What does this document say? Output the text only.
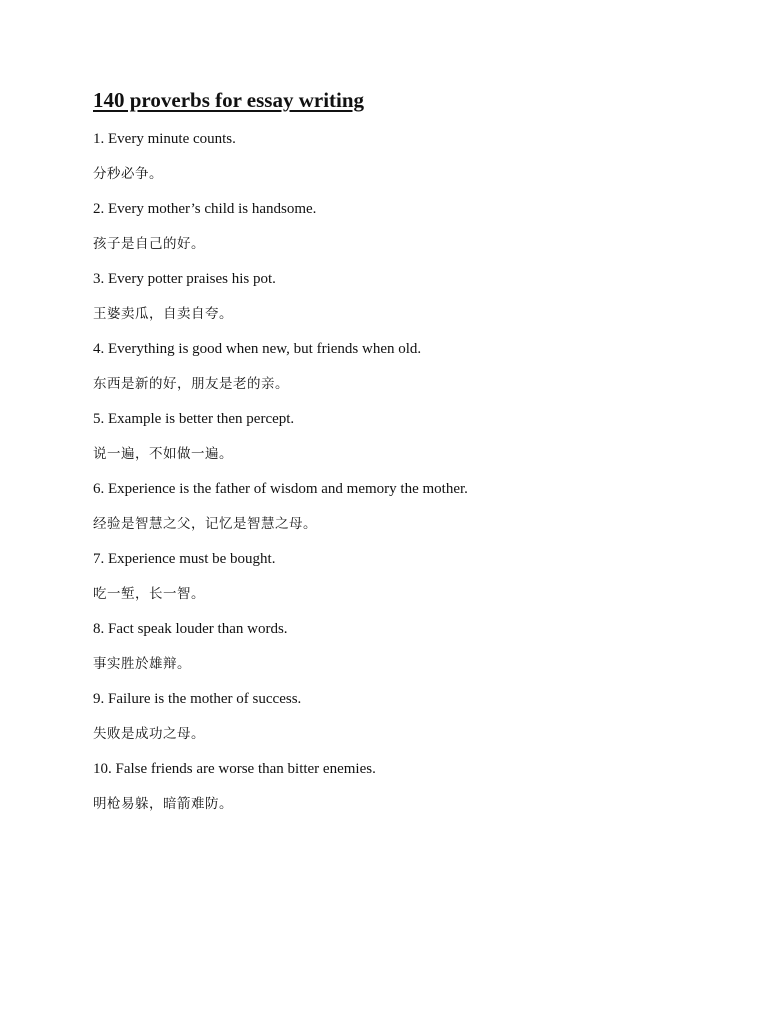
140 proverbs for essay writing

1. Every minute counts.

分秒必争。

2. Every mother’s child is handsome.

孩子是自己的好。

3. Every potter praises his pot.

王婆卖瓜，自卖自夸。

4. Everything is good when new, but friends when old.

东西是新的好，朋友是老的亲。

5. Example is better then percept.

说一遍，不如做一遍。

6. Experience is the father of wisdom and memory the mother.

经验是智慧之父，记忆是智慧之母。

7. Experience must be bought.

吃一堑，长一智。

8. Fact speak louder than words.

事实胜於雄辩。

9. Failure is the mother of success.

失败是成功之母。

10. False friends are worse than bitter enemies.

明枪易躲，暗箭难防。
